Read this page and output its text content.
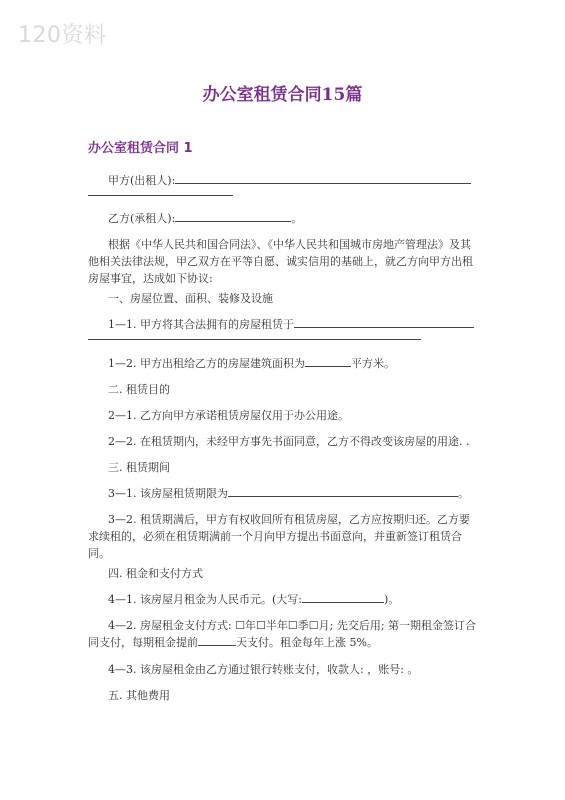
120资料
办公室租赁合同15篇
办公室租赁合同 1
甲方(出租人):
乙方(承租人):	。
根据《中华人民共和国合同法》、《中华人民共和国城市房地产管理法》及其他相关法律法规，甲乙双方在平等自愿、诚实信用的基础上，就乙方向甲方出租房屋事宜，达成如下协议:
一、房屋位置、面积、装修及设施
1—1. 甲方将其合法拥有的房屋租赁于
1—2. 甲方出租给乙方的房屋建筑面积为	平方米。
二. 租赁目的
2—1. 乙方向甲方承诺租赁房屋仅用于办公用途。
2—2. 在租赁期内，未经甲方事先书面同意，乙方不得改变该房屋的用途. .
三. 租赁期间
3—1. 该房屋租赁期限为	。
3—2. 租赁期满后，甲方有权收回所有租赁房屋，乙方应按期归还。乙方要求续租的，必须在租赁期满前一个月向甲方提出书面意向，并重新签订租赁合同。
四. 租金和支付方式
4—1. 该房屋月租金为人民币元。(大写:	)。
4—2. 房屋租金支付方式: ☐年☐半年☐季☐月; 先交后用; 第一期租金签订合同支付，每期租金提前	天支付。租金每年上涨 5%。
4—3. 该房屋租金由乙方通过银行转账支付，收款人: ，账号: 。
五. 其他费用
